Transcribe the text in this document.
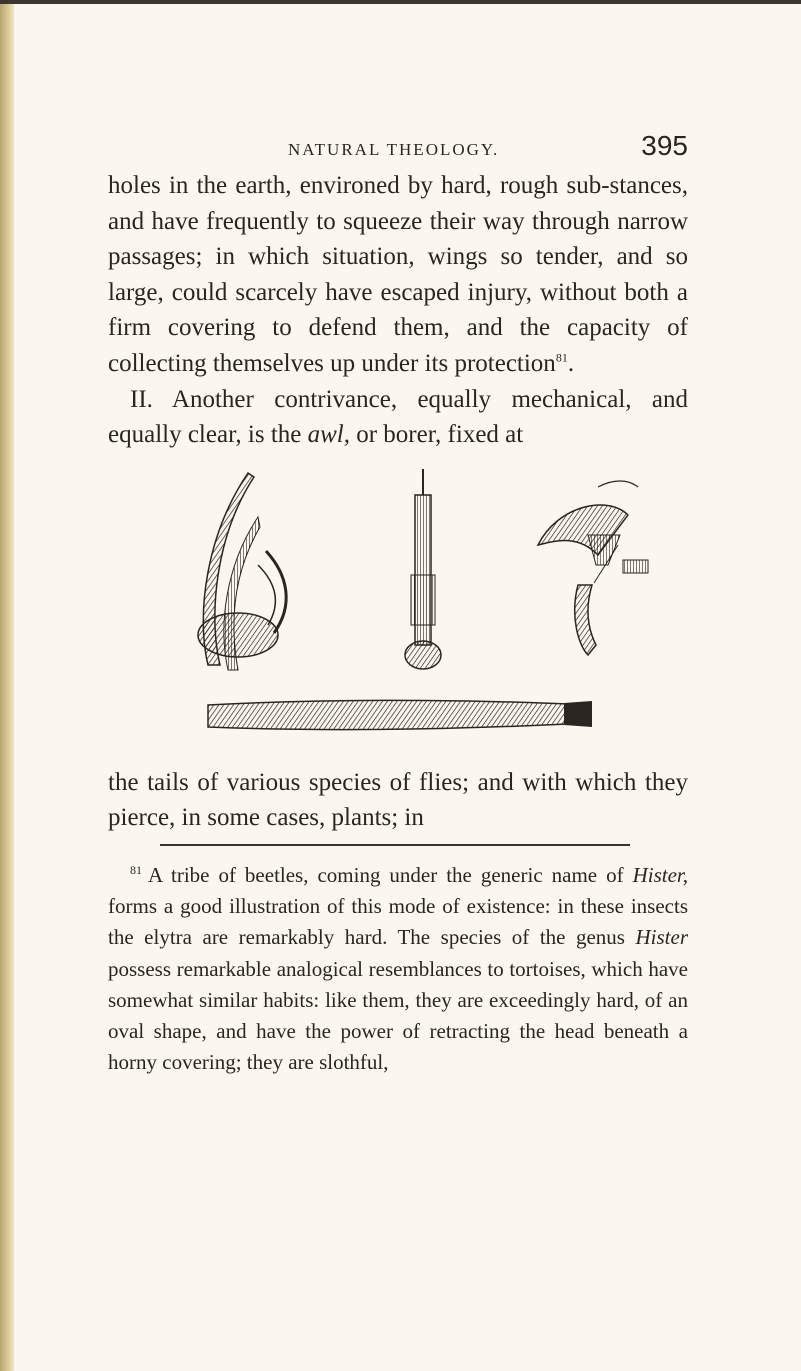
NATURAL THEOLOGY.	395

holes in the earth, environed by hard, rough sub-stances, and have frequently to squeeze their way through narrow passages; in which situation, wings so tender, and so large, could scarcely have escaped injury, without both a firm covering to defend them, and the capacity of collecting themselves up under its protection$^{81}$.

II. Another contrivance, equally mechanical, and equally clear, is the awl, or borer, fixed at

the tails of various species of flies; and with which they pierce, in some cases, plants; in

$^{81}$ A tribe of beetles, coming under the generic name of Hister, forms a good illustration of this mode of existence: in these insects the elytra are remarkably hard. The species of the genus Hister possess remarkable analogical resemblances to tortoises, which have somewhat similar habits: like them, they are exceedingly hard, of an oval shape, and have the power of retracting the head beneath a horny covering; they are slothful,
